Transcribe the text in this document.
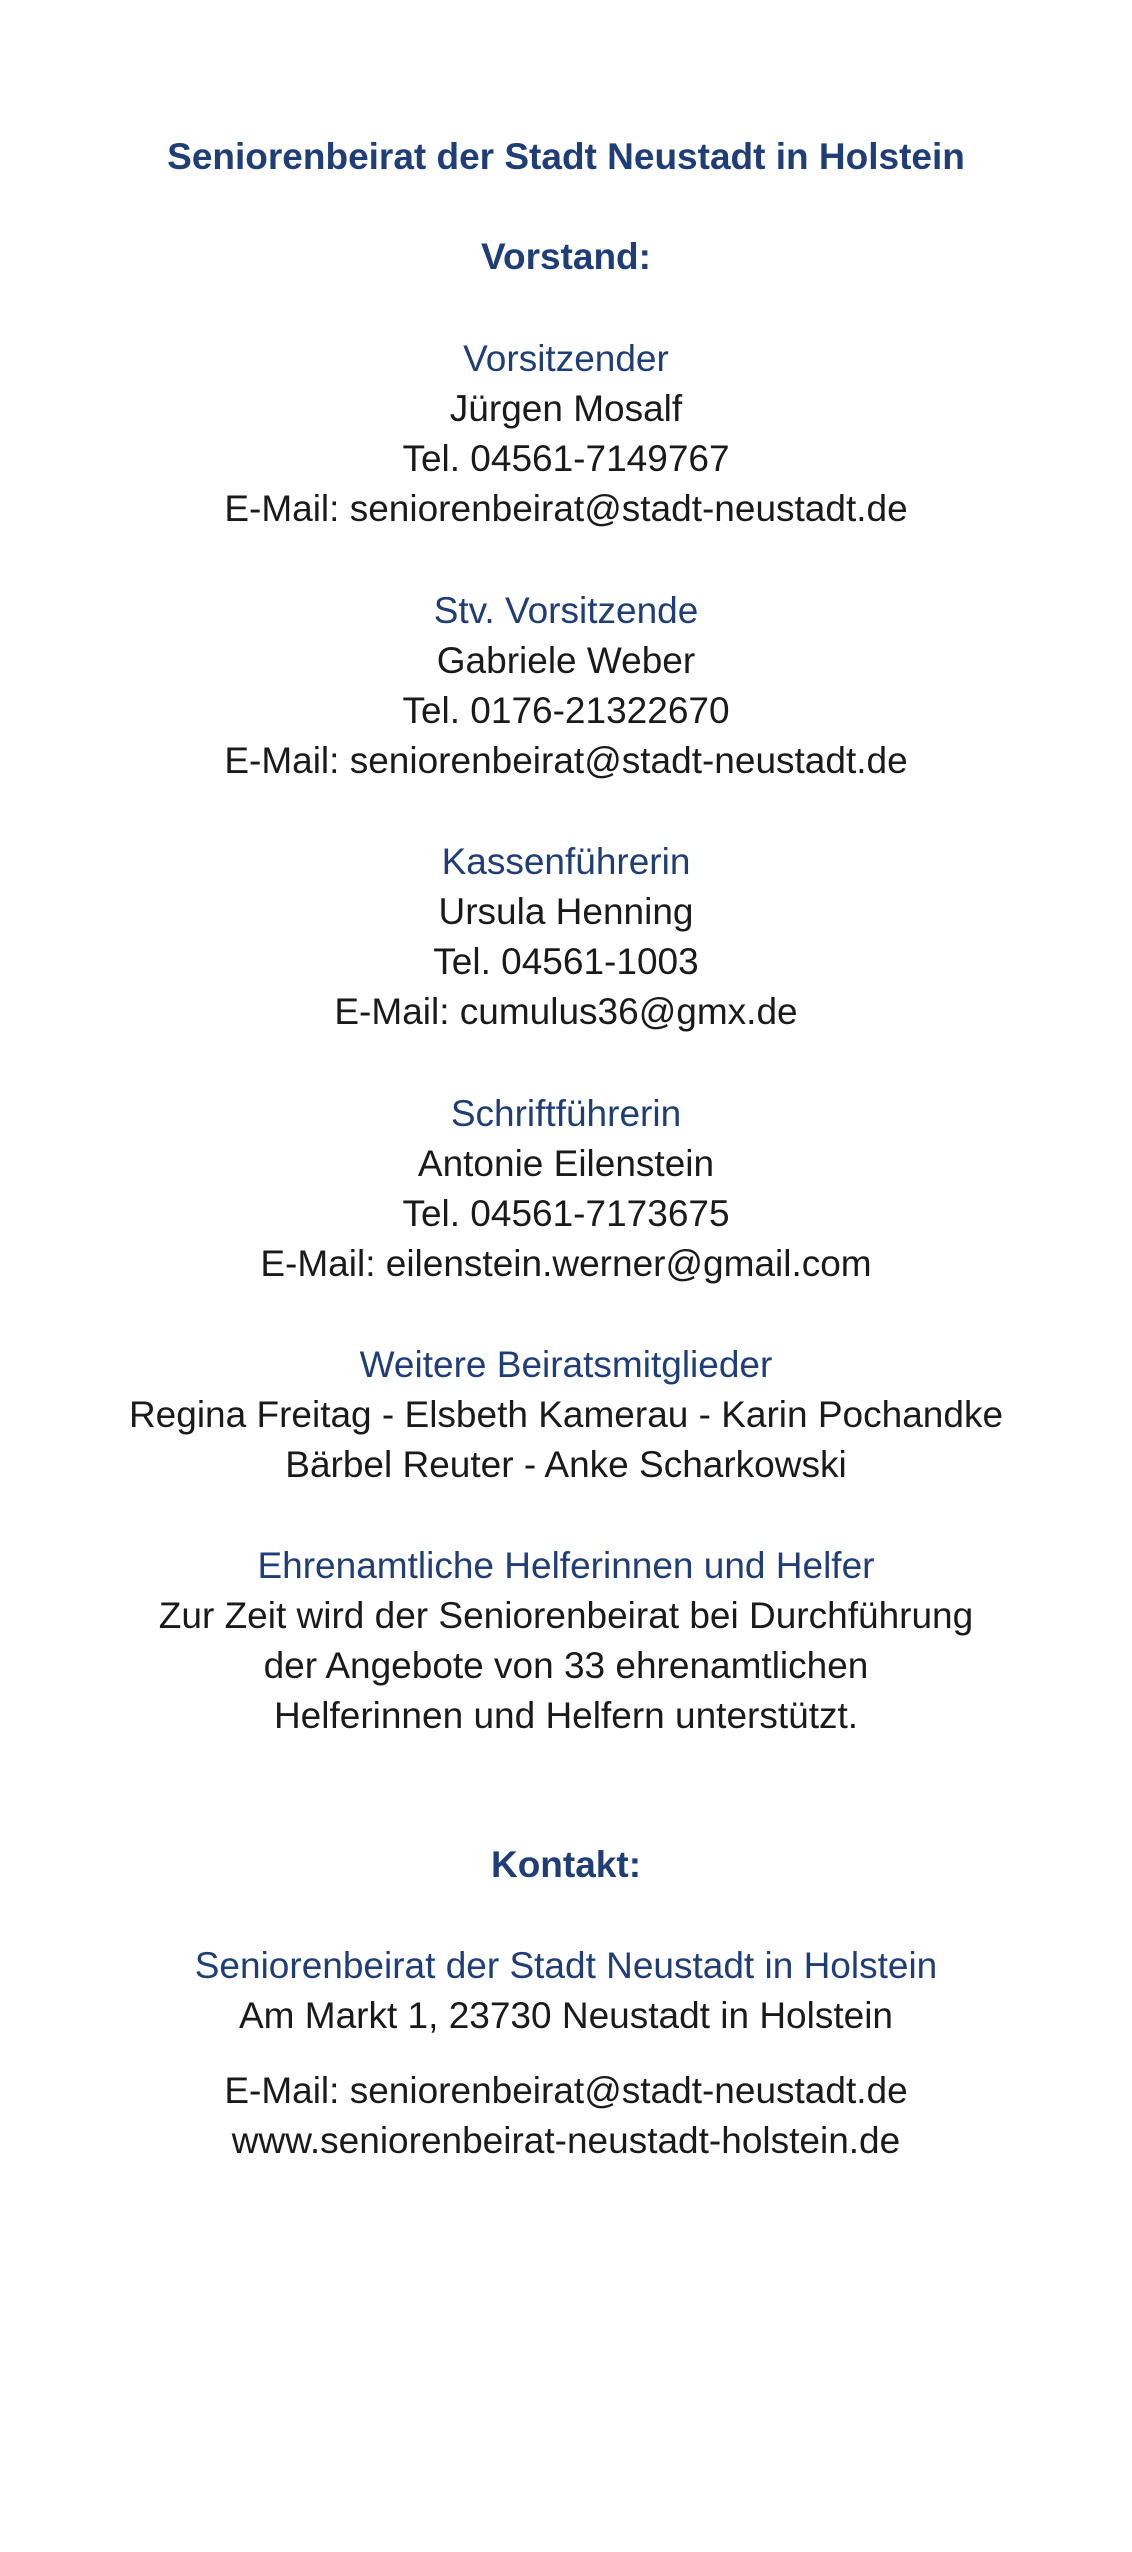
Seniorenbeirat der Stadt Neustadt in Holstein
Vorstand:
Vorsitzender
Jürgen Mosalf
Tel. 04561-7149767
E-Mail: seniorenbeirat@stadt-neustadt.de
Stv. Vorsitzende
Gabriele Weber
Tel. 0176-21322670
E-Mail: seniorenbeirat@stadt-neustadt.de
Kassenführerin
Ursula Henning
Tel. 04561-1003
E-Mail: cumulus36@gmx.de
Schriftführerin
Antonie Eilenstein
Tel. 04561-7173675
E-Mail: eilenstein.werner@gmail.com
Weitere Beiratsmitglieder
Regina Freitag - Elsbeth Kamerau - Karin Pochandke
Bärbel Reuter - Anke Scharkowski
Ehrenamtliche Helferinnen und Helfer
Zur Zeit wird der Seniorenbeirat bei Durchführung
der Angebote von 33 ehrenamtlichen
Helferinnen und Helfern unterstützt.
Kontakt:
Seniorenbeirat der Stadt Neustadt in Holstein
Am Markt 1, 23730 Neustadt in Holstein
E-Mail: seniorenbeirat@stadt-neustadt.de
www.seniorenbeirat-neustadt-holstein.de
